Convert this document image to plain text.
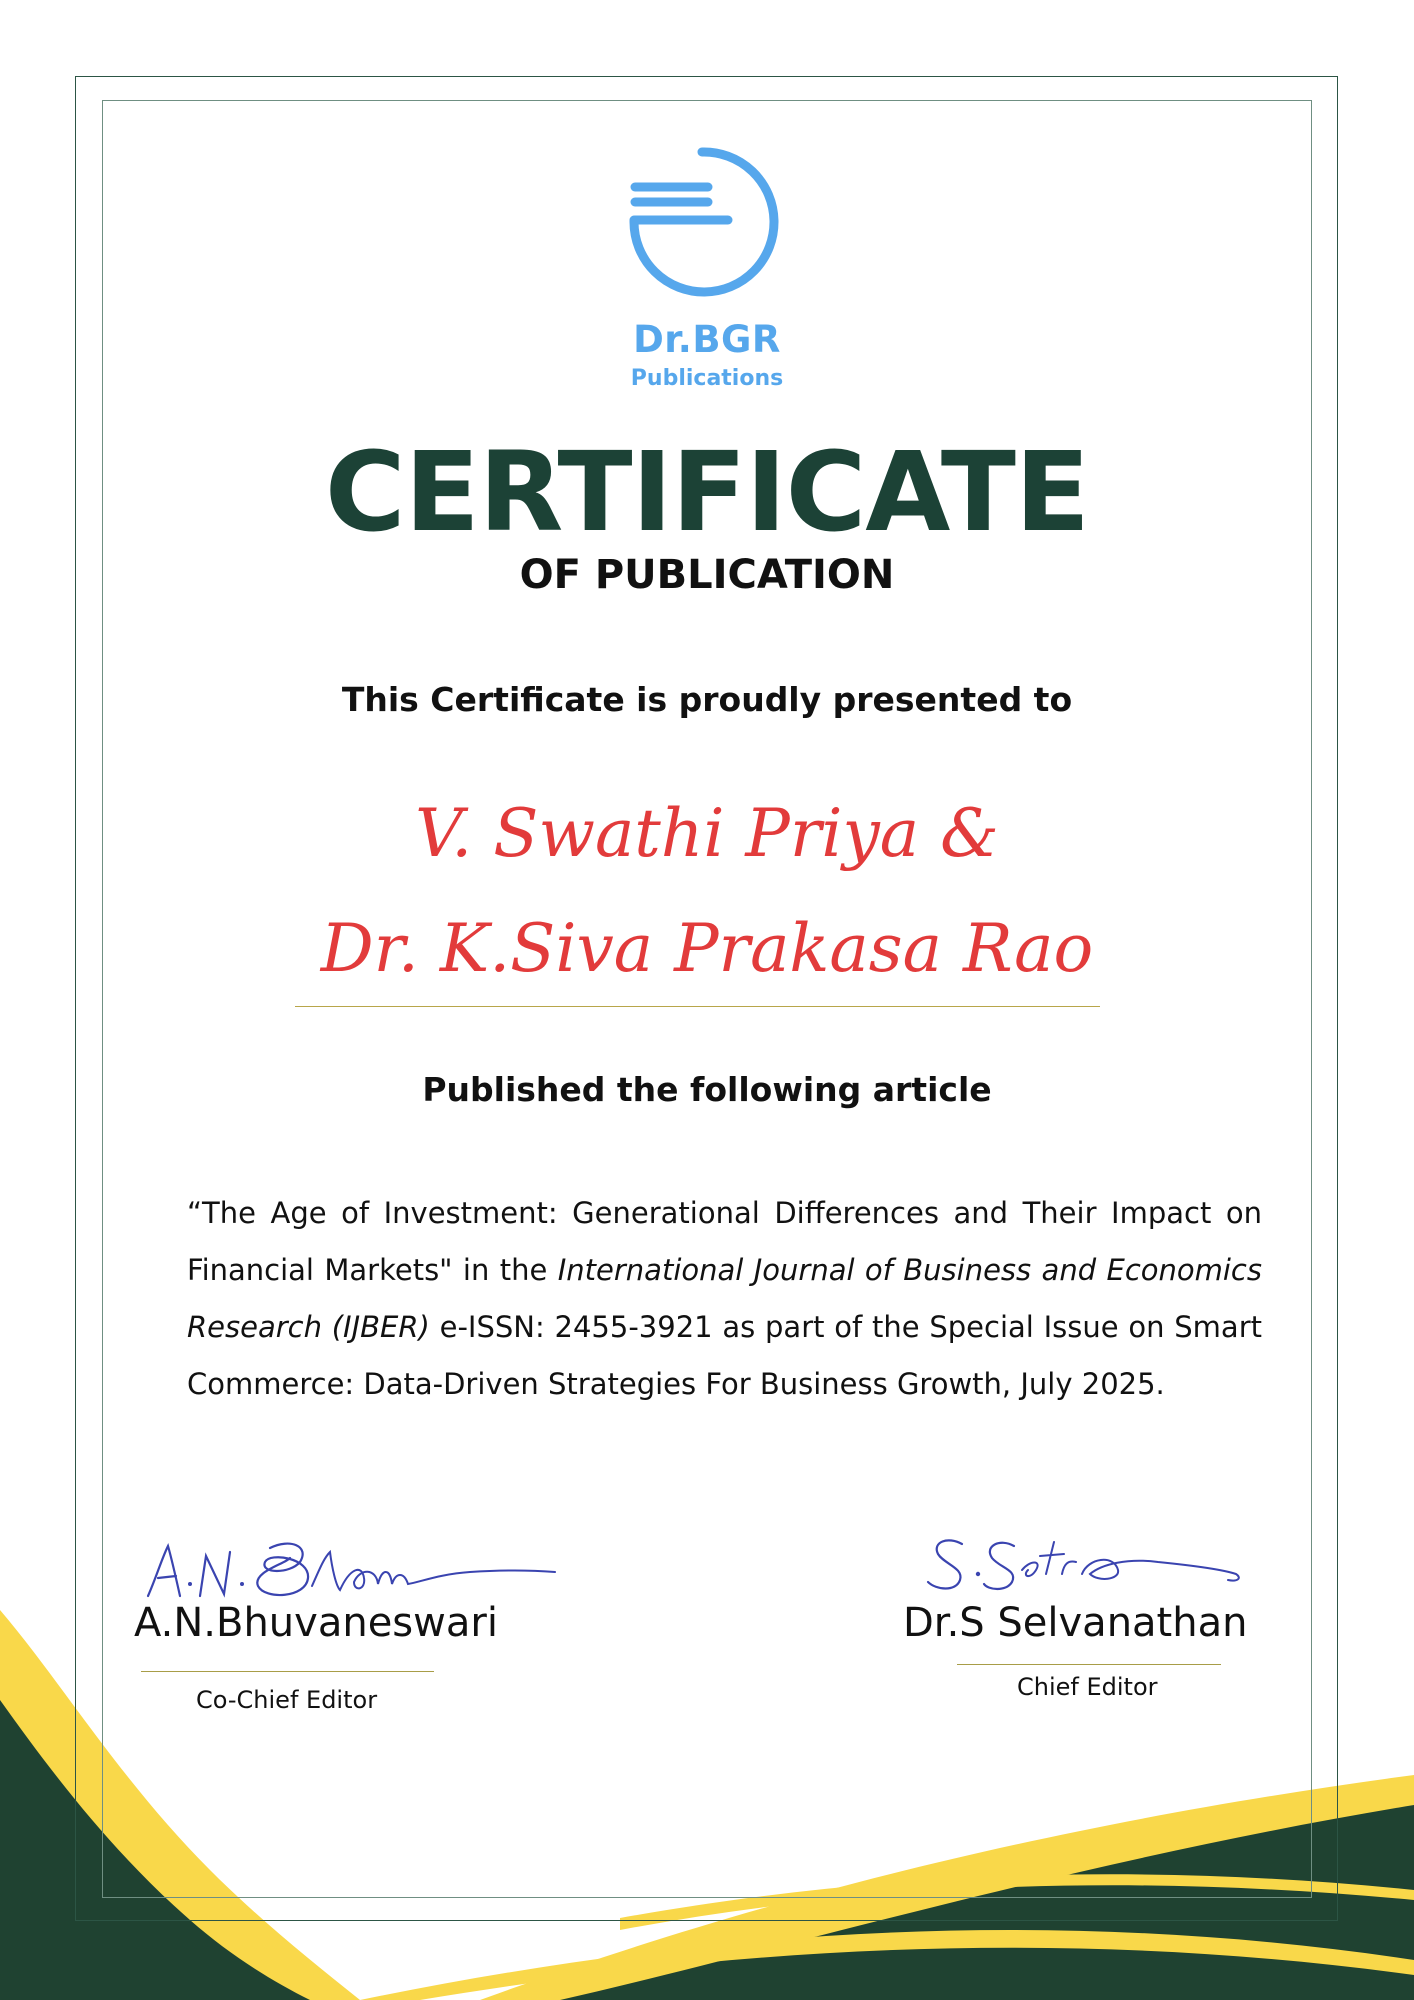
Dr.BGR
Publications
CERTIFICATE
OF PUBLICATION
This Certificate is proudly presented to
V. Swathi Priya &
Dr. K.Siva Prakasa Rao
Published the following article
“The Age of Investment: Generational Differences and Their Impact on Financial Markets" in the International Journal of Business and Economics Research (IJBER) e-ISSN: 2455-3921 as part of the Special Issue on Smart Commerce: Data-Driven Strategies For Business Growth, July 2025.
A.N.Bhuvaneswari
Co-Chief Editor
Dr.S Selvanathan
Chief Editor
